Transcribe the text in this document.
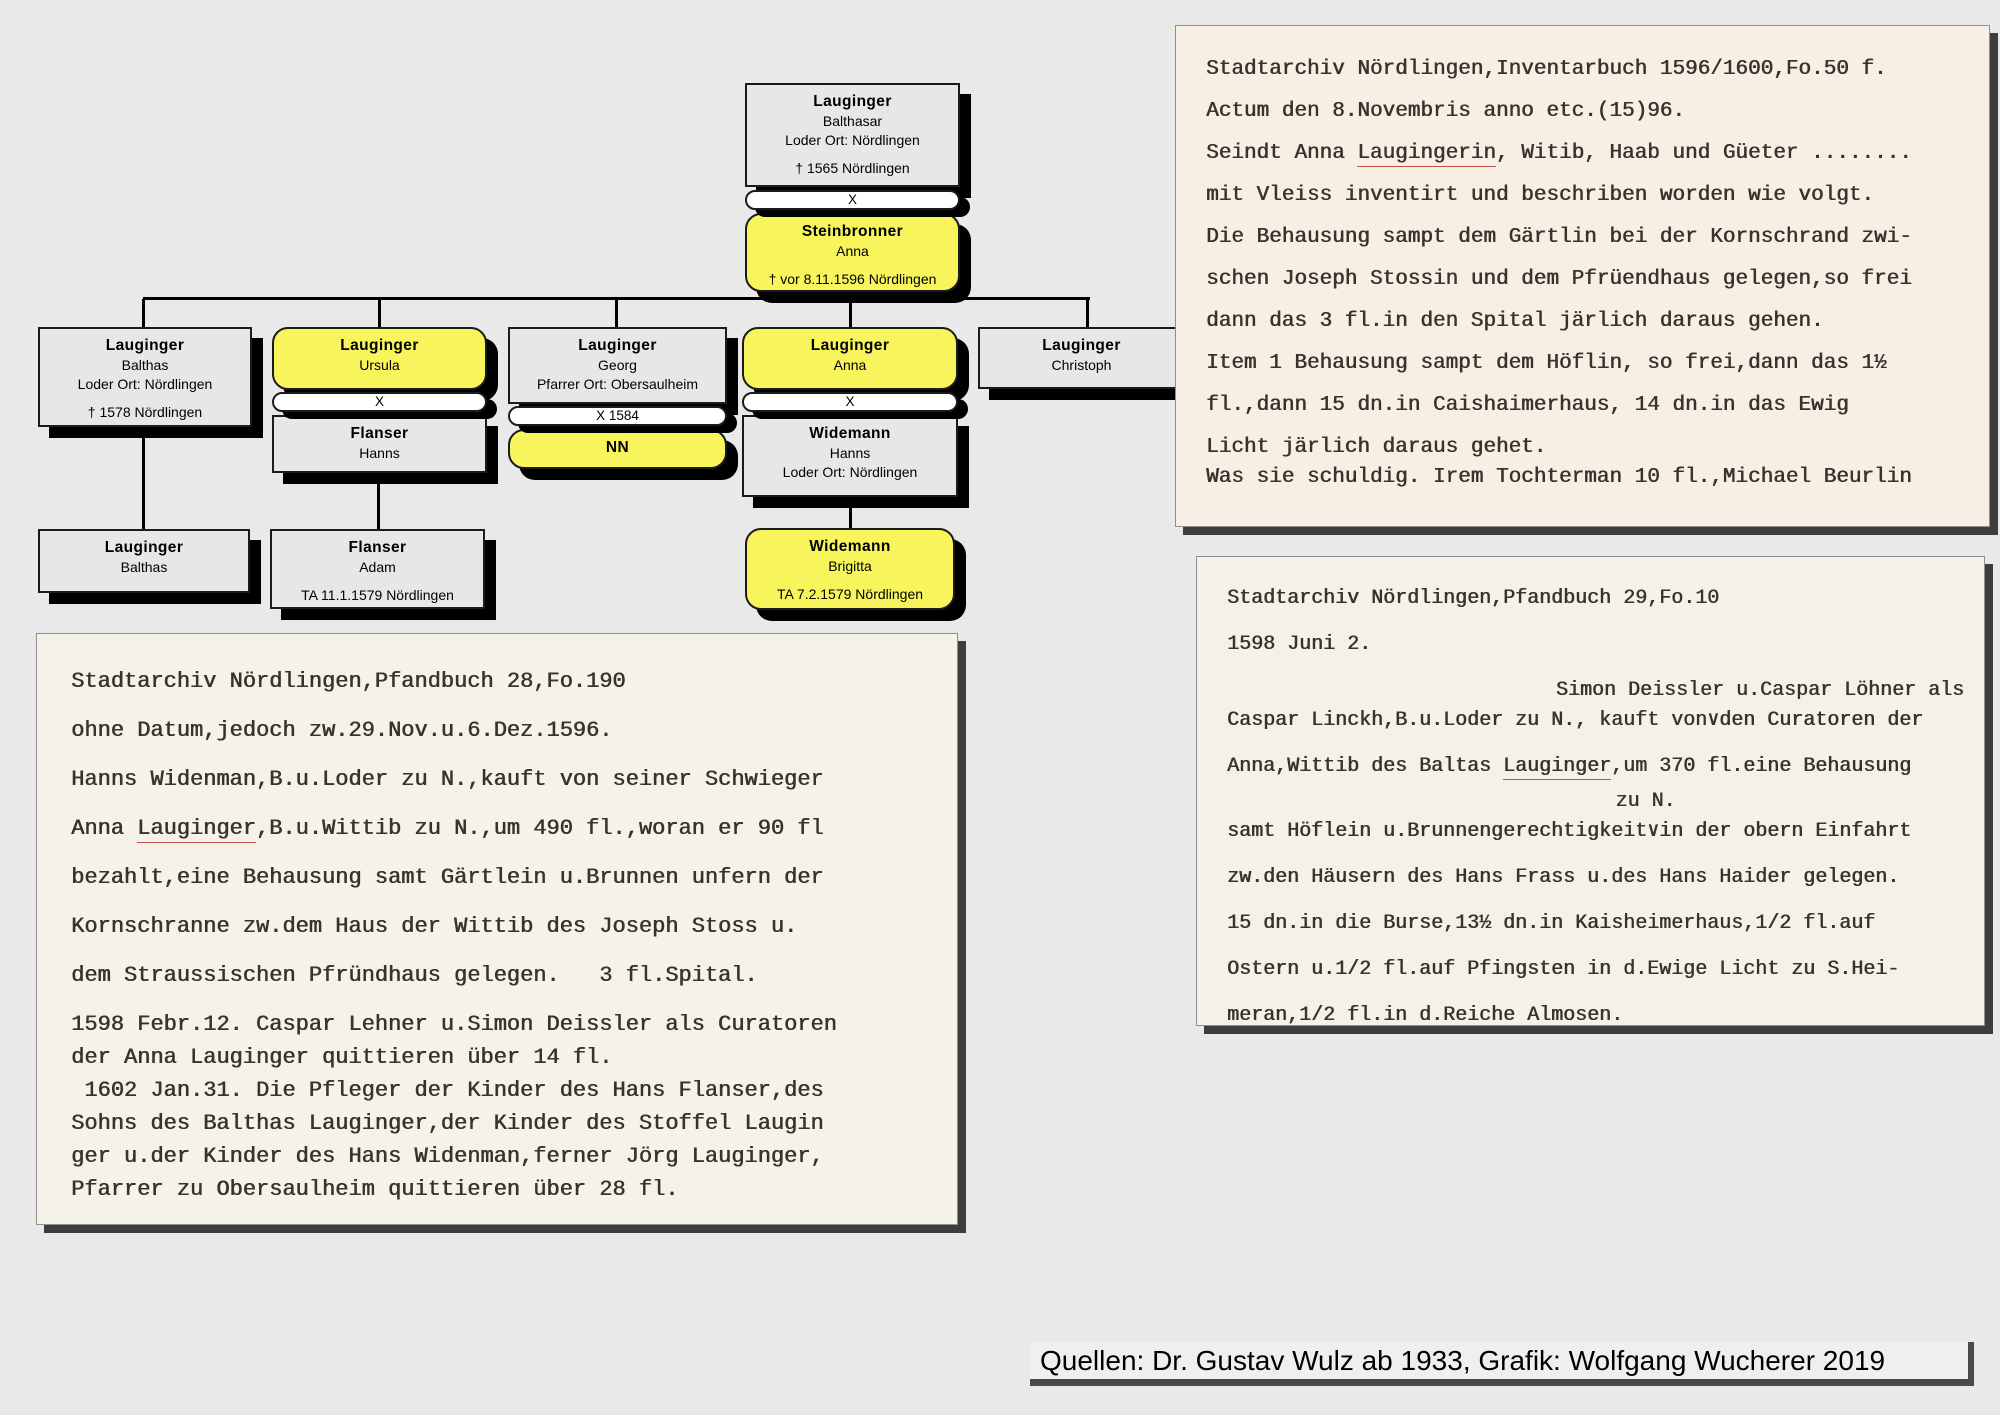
Lauginger
Balthasar
Loder Ort: Nördlingen
† 1565 Nördlingen
X
Steinbronner
Anna
† vor 8.11.1596 Nördlingen
Lauginger
Balthas
Loder Ort: Nördlingen
† 1578 Nördlingen
Lauginger
Ursula
X
Flanser
Hanns
Lauginger
Georg
Pfarrer Ort: Obersaulheim
X 1584
NN
Lauginger
Anna
X
Widemann
Hanns
Loder Ort: Nördlingen
Lauginger
Christoph
Lauginger
Balthas
Flanser
Adam
TA 11.1.1579 Nördlingen
Widemann
Brigitta
TA 7.2.1579 Nördlingen
Stadtarchiv Nördlingen,Inventarbuch 1596/1600,Fo.50 f.
Actum den 8.Novembris anno etc.(15)96.
Seindt Anna Laugingerin, Witib, Haab und Güeter ........
mit Vleiss inventirt und beschriben worden wie volgt.
Die Behausung sampt dem Gärtlin bei der Kornschrand zwi-
schen Joseph Stossin und dem Pfrüendhaus gelegen,so frei
dann das 3 fl.in den Spital järlich daraus gehen.
Item 1 Behausung sampt dem Höflin, so frei,dann das 1½
fl.,dann 15 dn.in Caishaimerhaus, 14 dn.in das Ewig
Licht järlich daraus gehet.
Was sie schuldig. Irem Tochterman 10 fl.,Michael Beurlin
Stadtarchiv Nördlingen,Pfandbuch 28,Fo.190
ohne Datum,jedoch zw.29.Nov.u.6.Dez.1596.
Hanns Widenman,B.u.Loder zu N.,kauft von seiner Schwieger
Anna Lauginger,B.u.Wittib zu N.,um 490 fl.,woran er 90 fl
bezahlt,eine Behausung samt Gärtlein u.Brunnen unfern der
Kornschranne zw.dem Haus der Wittib des Joseph Stoss u.
dem Straussischen Pfründhaus gelegen.   3 fl.Spital.
1598 Febr.12. Caspar Lehner u.Simon Deissler als Curatoren
der Anna Lauginger quittieren über 14 fl.
1602 Jan.31. Die Pfleger der Kinder des Hans Flanser,des
Sohns des Balthas Lauginger,der Kinder des Stoffel Laugin
ger u.der Kinder des Hans Widenman,ferner Jörg Lauginger,
Pfarrer zu Obersaulheim quittieren über 28 fl.
Stadtarchiv Nördlingen,Pfandbuch 29,Fo.10
1598 Juni 2.
Simon Deissler u.Caspar Löhner als
Caspar Linckh,B.u.Loder zu N., kauft von∨den Curatoren der
Anna,Wittib des Baltas Lauginger,um 370 fl.eine Behausung
zu N.
samt Höflein u.Brunnengerechtigkeit∨in der obern Einfahrt
zw.den Häusern des Hans Frass u.des Hans Haider gelegen.
15 dn.in die Burse,13½ dn.in Kaisheimerhaus,1/2 fl.auf
Ostern u.1/2 fl.auf Pfingsten in d.Ewige Licht zu S.Hei-
meran,1/2 fl.in d.Reiche Almosen.
Quellen: Dr. Gustav Wulz ab 1933, Grafik: Wolfgang Wucherer 2019
